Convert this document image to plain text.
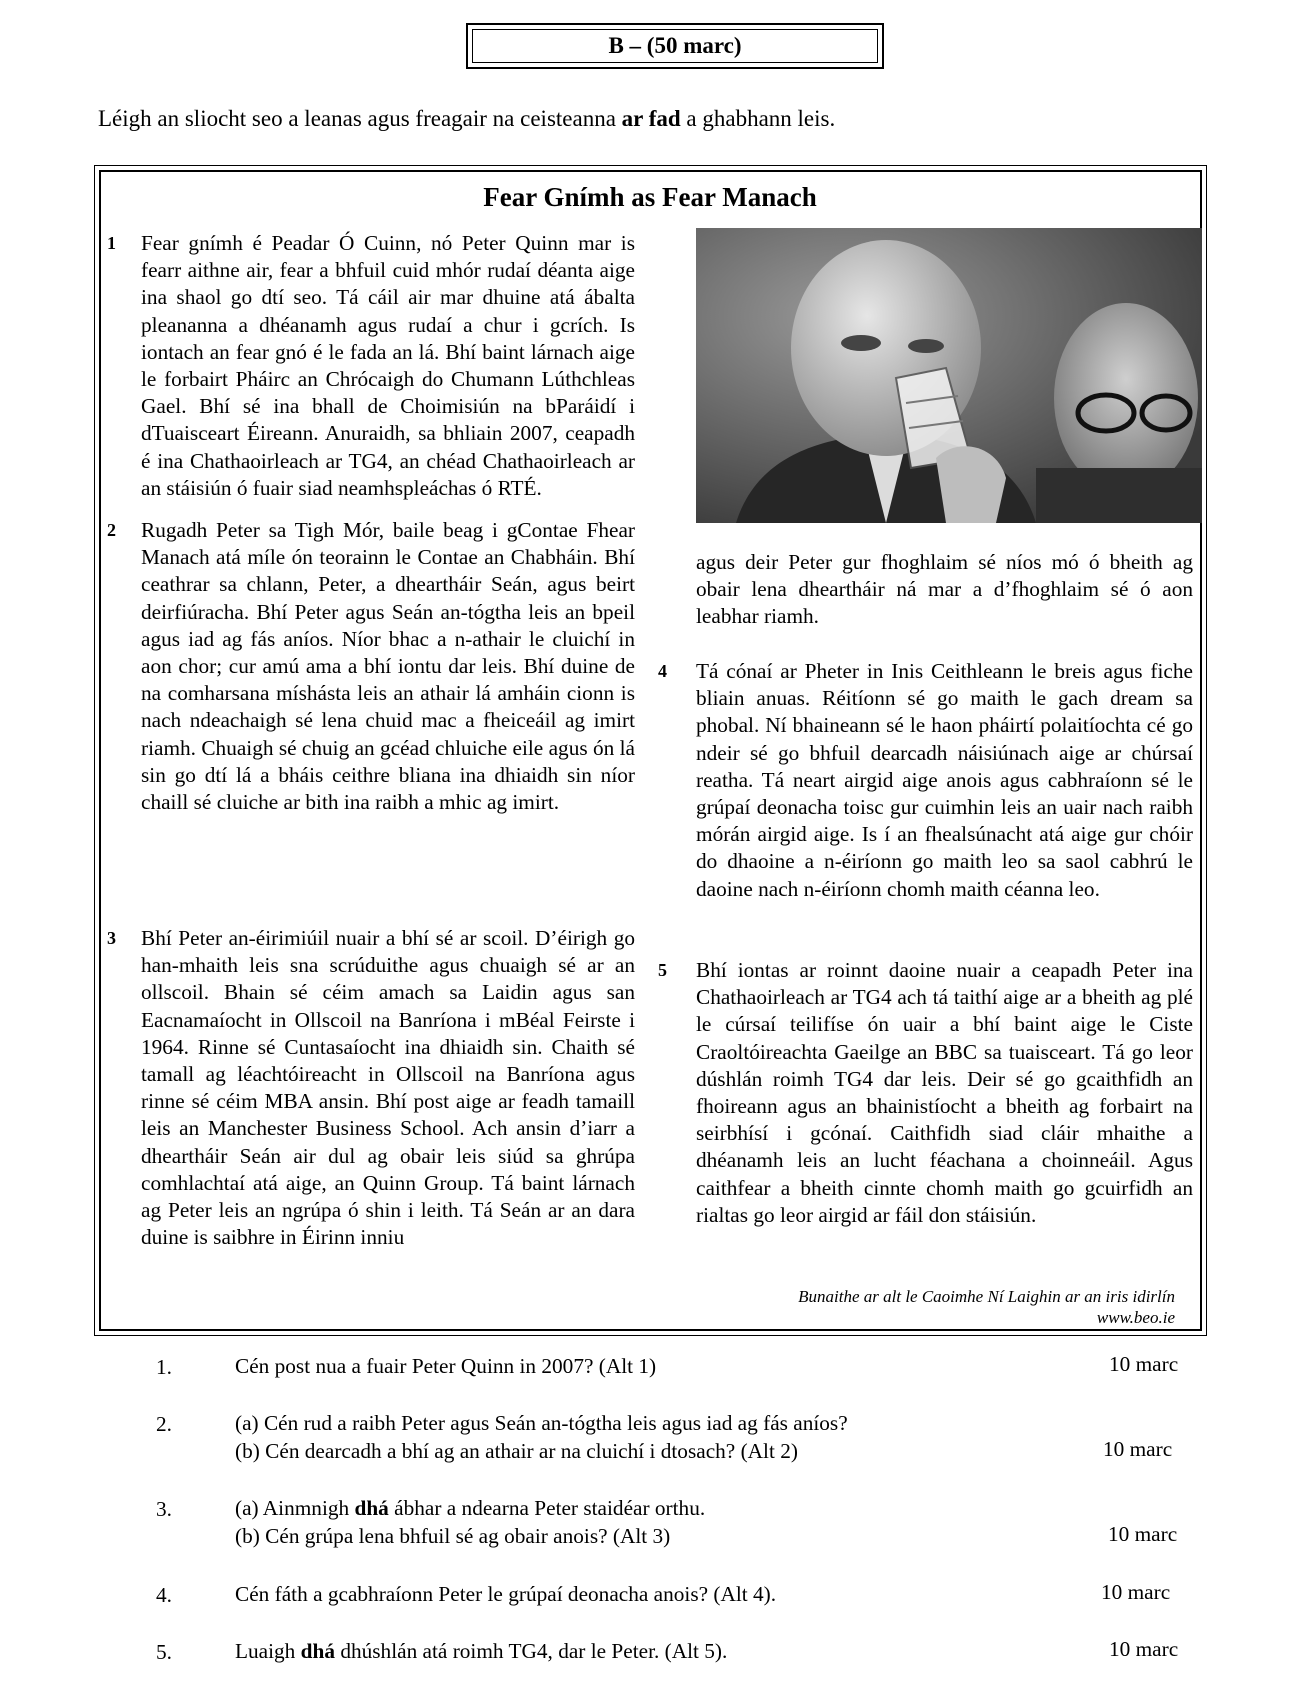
B – (50 marc)
Léigh an sliocht seo a leanas agus freagair na ceisteanna ar fad a ghabhann leis.
Fear Gnímh as Fear Manach
1 Fear gnímh é Peadar Ó Cuinn, nó Peter Quinn mar is fearr aithne air, fear a bhfuil cuid mhór rudaí déanta aige ina shaol go dtí seo. Tá cáil air mar dhuine atá ábalta pleananna a dhéanamh agus rudaí a chur i gcrích. Is iontach an fear gnó é le fada an lá. Bhí baint lárnach aige le forbairt Pháirc an Chrócaigh do Chumann Lúthchleas Gael. Bhí sé ina bhall de Choimisiún na bParáidí i dTuaisceart Éireann. Anuraidh, sa bhliain 2007, ceapadh é ina Chathaoirleach ar TG4, an chéad Chathaoirleach ar an stáisiún ó fuair siad neamhspleáchas ó RTÉ.

2 Rugadh Peter sa Tigh Mór, baile beag i gContae Fhear Manach atá míle ón teorainn le Contae an Chabháin. Bhí ceathrar sa chlann, Peter, a dheartháir Seán, agus beirt deirfiúracha. Bhí Peter agus Seán an-tógtha leis an bpeil agus iad ag fás aníos. Níor bhac a n-athair le cluichí in aon chor; cur amú ama a bhí iontu dar leis. Bhí duine de na comharsana míshásta leis an athair lá amháin cionn is nach ndeachaigh sé lena chuid mac a fheiceáil ag imirt riamh. Chuaigh sé chuig an gcéad chluiche eile agus ón lá sin go dtí lá a bháis ceithre bliana ina dhiaidh sin níor chaill sé cluiche ar bith ina raibh a mhic ag imirt.

3 Bhí Peter an-éirimiúil nuair a bhí sé ar scoil. D’éirigh go han-mhaith leis sna scrúduithe agus chuaigh sé ar an ollscoil. Bhain sé céim amach sa Laidin agus san Eacnamaíocht in Ollscoil na Banríona i mBéal Feirste i 1964. Rinne sé Cuntasaíocht ina dhiaidh sin. Chaith sé tamall ag léachtóireacht in Ollscoil na Banríona agus rinne sé céim MBA ansin. Bhí post aige ar feadh tamaill leis an Manchester Business School. Ach ansin d’iarr a dheartháir Seán air dul ag obair leis siúd sa ghrúpa comhlachtaí atá aige, an Quinn Group. Tá baint lárnach ag Peter leis an ngrúpa ó shin i leith. Tá Seán ar an dara duine is saibhre in Éirinn inniu

agus deir Peter gur fhoghlaim sé níos mó ó bheith ag obair lena dheartháir ná mar a d’fhoghlaim sé ó aon leabhar riamh.

4 Tá cónaí ar Pheter in Inis Ceithleann le breis agus fiche bliain anuas. Réitíonn sé go maith le gach dream sa phobal. Ní bhaineann sé le haon pháirtí polaitíochta cé go ndeir sé go bhfuil dearcadh náisiúnach aige ar chúrsaí reatha. Tá neart airgid aige anois agus cabhraíonn sé le grúpaí deonacha toisc gur cuimhin leis an uair nach raibh mórán airgid aige. Is í an fhealsúnacht atá aige gur chóir do dhaoine a n-éiríonn go maith leo sa saol cabhrú le daoine nach n-éiríonn chomh maith céanna leo.

5 Bhí iontas ar roinnt daoine nuair a ceapadh Peter ina Chathaoirleach ar TG4 ach tá taithí aige ar a bheith ag plé le cúrsaí teilifíse ón uair a bhí baint aige le Ciste Craoltóireachta Gaeilge an BBC sa tuaisceart. Tá go leor dúshlán roimh TG4 dar leis. Deir sé go gcaithfidh an fhoireann agus an bhainistíocht a bheith ag forbairt na seirbhísí i gcónaí. Caithfidh siad cláir mhaithe a dhéanamh leis an lucht féachana a choinneáil. Agus caithfear a bheith cinnte chomh maith go gcuirfidh an rialtas go leor airgid ar fáil don stáisiún.

Bunaithe ar alt le Caoimhe Ní Laighin ar an iris idirlín
www.beo.ie
1.	Cén post nua a fuair Peter Quinn in 2007? (Alt 1)	10 marc
2.	(a) Cén rud a raibh Peter agus Seán an-tógtha leis agus iad ag fás aníos?
(b) Cén dearcadh a bhí ag an athair ar na cluichí i dtosach? (Alt 2)	10 marc
3.	(a) Ainmnigh dhá ábhar a ndearna Peter staidéar orthu.
(b) Cén grúpa lena bhfuil sé ag obair anois? (Alt 3)	10 marc
4.	Cén fáth a gcabhraíonn Peter le grúpaí deonacha anois? (Alt 4).	10 marc
5.	Luaigh dhá dhúshlán atá roimh TG4, dar le Peter. (Alt 5).	10 marc
